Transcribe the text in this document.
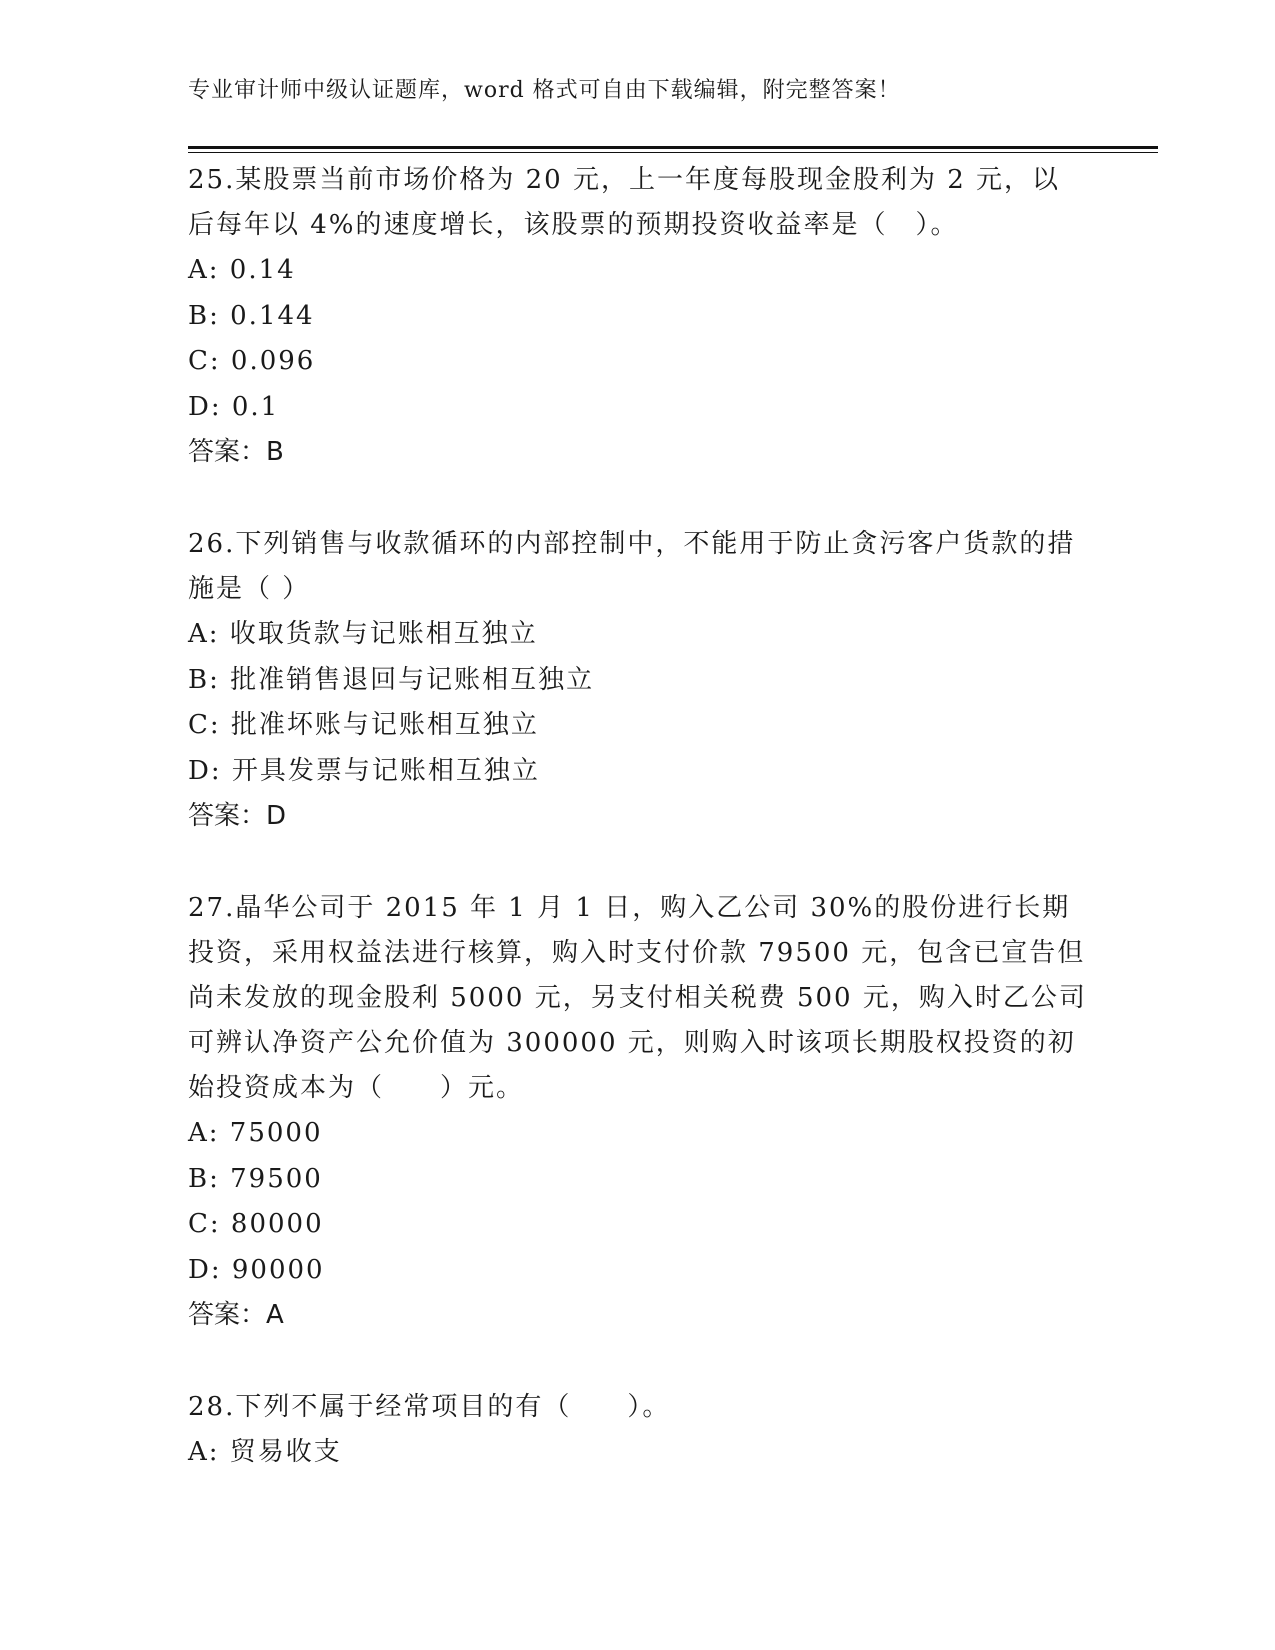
专业审计师中级认证题库，word 格式可自由下载编辑，附完整答案！

25.某股票当前市场价格为 20 元，上一年度每股现金股利为 2 元，以后每年以 4%的速度增长，该股票的预期投资收益率是（　）。

A: 0.14

B: 0.144

C: 0.096

D: 0.1

答案：B

26.下列销售与收款循环的内部控制中，不能用于防止贪污客户货款的措施是（ ）

A: 收取货款与记账相互独立

B: 批准销售退回与记账相互独立

C: 批准坏账与记账相互独立

D: 开具发票与记账相互独立

答案：D

27.晶华公司于 2015 年 1 月 1 日，购入乙公司 30%的股份进行长期投资，采用权益法进行核算，购入时支付价款 79500 元，包含已宣告但尚未发放的现金股利 5000 元，另支付相关税费 500 元，购入时乙公司可辨认净资产公允价值为 300000 元，则购入时该项长期股权投资的初始投资成本为（　　）元。

A: 75000

B: 79500

C: 80000

D: 90000

答案：A

28.下列不属于经常项目的有（　　）。

A: 贸易收支
